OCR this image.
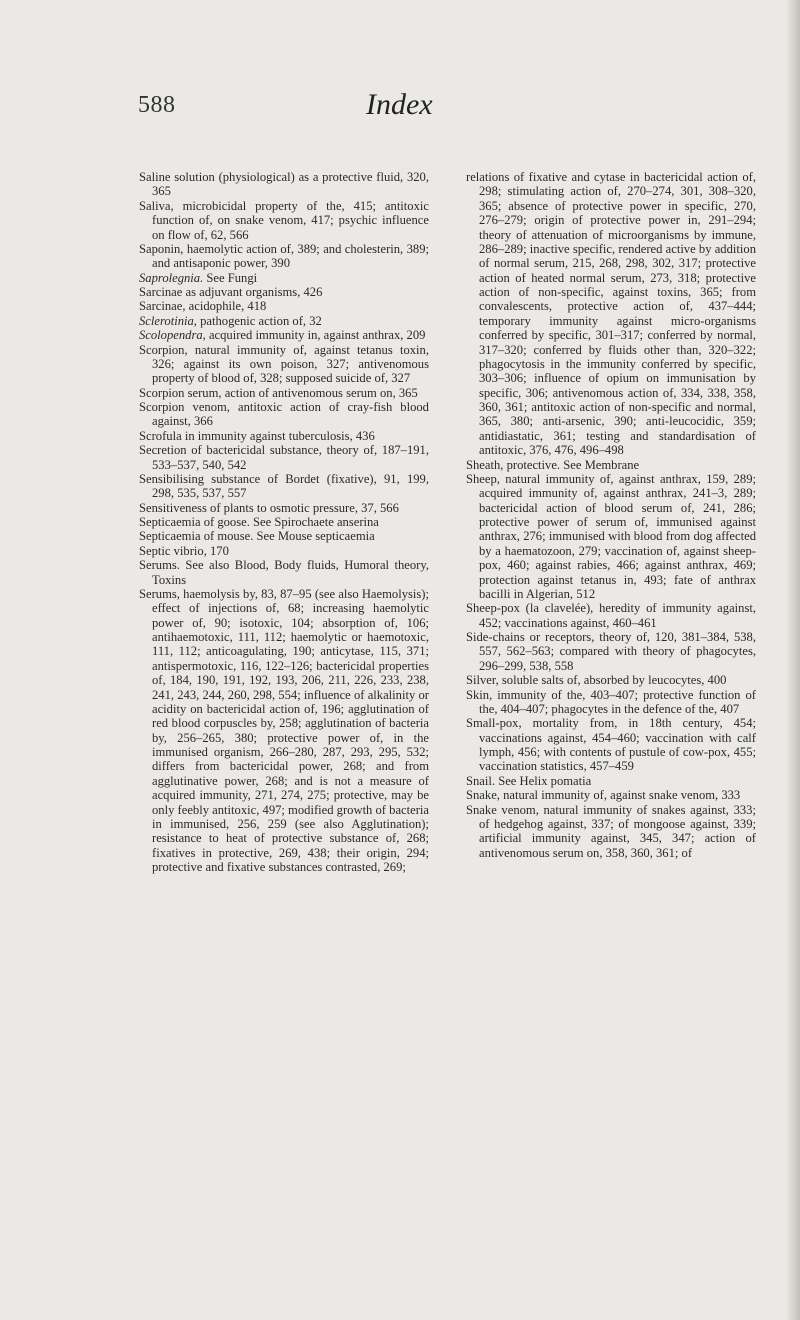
588	Index

Saline solution (physiological) as a protective fluid, 320, 365

Saliva, microbicidal property of the, 415; antitoxic function of, on snake venom, 417; psychic influence on flow of, 62, 566

Saponin, haemolytic action of, 389; and cholesterin, 389; and antisaponic power, 390

Saprolegnia. See Fungi

Sarcinae as adjuvant organisms, 426

Sarcinae, acidophile, 418

Sclerotinia, pathogenic action of, 32

Scolopendra, acquired immunity in, against anthrax, 209

Scorpion, natural immunity of, against tetanus toxin, 326; against its own poison, 327; antivenomous property of blood of, 328; supposed suicide of, 327

Scorpion serum, action of antivenomous serum on, 365

Scorpion venom, antitoxic action of cray-fish blood against, 366

Scrofula in immunity against tuberculosis, 436

Secretion of bactericidal substance, theory of, 187–191, 533–537, 540, 542

Sensibilising substance of Bordet (fixative), 91, 199, 298, 535, 537, 557

Sensitiveness of plants to osmotic pressure, 37, 566

Septicaemia of goose. See Spirochaete anserina

Septicaemia of mouse. See Mouse septicaemia

Septic vibrio, 170

Serums. See also Blood, Body fluids, Humoral theory, Toxins

Serums, haemolysis by, 83, 87–95 (see also Haemolysis); effect of injections of, 68; increasing haemolytic power of, 90; isotoxic, 104; absorption of, 106; antihaemotoxic, 111, 112; haemolytic or haemotoxic, 111, 112; anticoagulating, 190; anticytase, 115, 371; antispermotoxic, 116, 122–126; bactericidal properties of, 184, 190, 191, 192, 193, 206, 211, 226, 233, 238, 241, 243, 244, 260, 298, 554; influence of alkalinity or acidity on bactericidal action of, 196; agglutination of red blood corpuscles by, 258; agglutination of bacteria by, 256–265, 380; protective power of, in the immunised organism, 266–280, 287, 293, 295, 532; differs from bactericidal power, 268; and from agglutinative power, 268; and is not a measure of acquired immunity, 271, 274, 275; protective, may be only feebly antitoxic, 497; modified growth of bacteria in immunised, 256, 259 (see also Agglutination); resistance to heat of protective substance of, 268; fixatives in protective, 269, 438; their origin, 294; protective and fixative substances contrasted, 269;

relations of fixative and cytase in bactericidal action of, 298; stimulating action of, 270–274, 301, 308–320, 365; absence of protective power in specific, 270, 276–279; origin of protective power in, 291–294; theory of attenuation of microorganisms by immune, 286–289; inactive specific, rendered active by addition of normal serum, 215, 268, 298, 302, 317; protective action of heated normal serum, 273, 318; protective action of non-specific, against toxins, 365; from convalescents, protective action of, 437–444; temporary immunity against micro-organisms conferred by specific, 301–317; conferred by normal, 317–320; conferred by fluids other than, 320–322; phagocytosis in the immunity conferred by specific, 303–306; influence of opium on immunisation by specific, 306; antivenomous action of, 334, 338, 358, 360, 361; antitoxic action of non-specific and normal, 365, 380; anti-arsenic, 390; anti-leucocidic, 359; antidiastatic, 361; testing and standardisation of antitoxic, 376, 476, 496–498

Sheath, protective. See Membrane

Sheep, natural immunity of, against anthrax, 159, 289; acquired immunity of, against anthrax, 241–3, 289; bactericidal action of blood serum of, 241, 286; protective power of serum of, immunised against anthrax, 276; immunised with blood from dog affected by a haematozoon, 279; vaccination of, against sheep-pox, 460; against rabies, 466; against anthrax, 469; protection against tetanus in, 493; fate of anthrax bacilli in Algerian, 512

Sheep-pox (la clavelée), heredity of immunity against, 452; vaccinations against, 460–461

Side-chains or receptors, theory of, 120, 381–384, 538, 557, 562–563; compared with theory of phagocytes, 296–299, 538, 558

Silver, soluble salts of, absorbed by leucocytes, 400

Skin, immunity of the, 403–407; protective function of the, 404–407; phagocytes in the defence of the, 407

Small-pox, mortality from, in 18th century, 454; vaccinations against, 454–460; vaccination with calf lymph, 456; with contents of pustule of cow-pox, 455; vaccination statistics, 457–459

Snail. See Helix pomatia

Snake, natural immunity of, against snake venom, 333

Snake venom, natural immunity of snakes against, 333; of hedgehog against, 337; of mongoose against, 339; artificial immunity against, 345, 347; action of antivenomous serum on, 358, 360, 361; of
